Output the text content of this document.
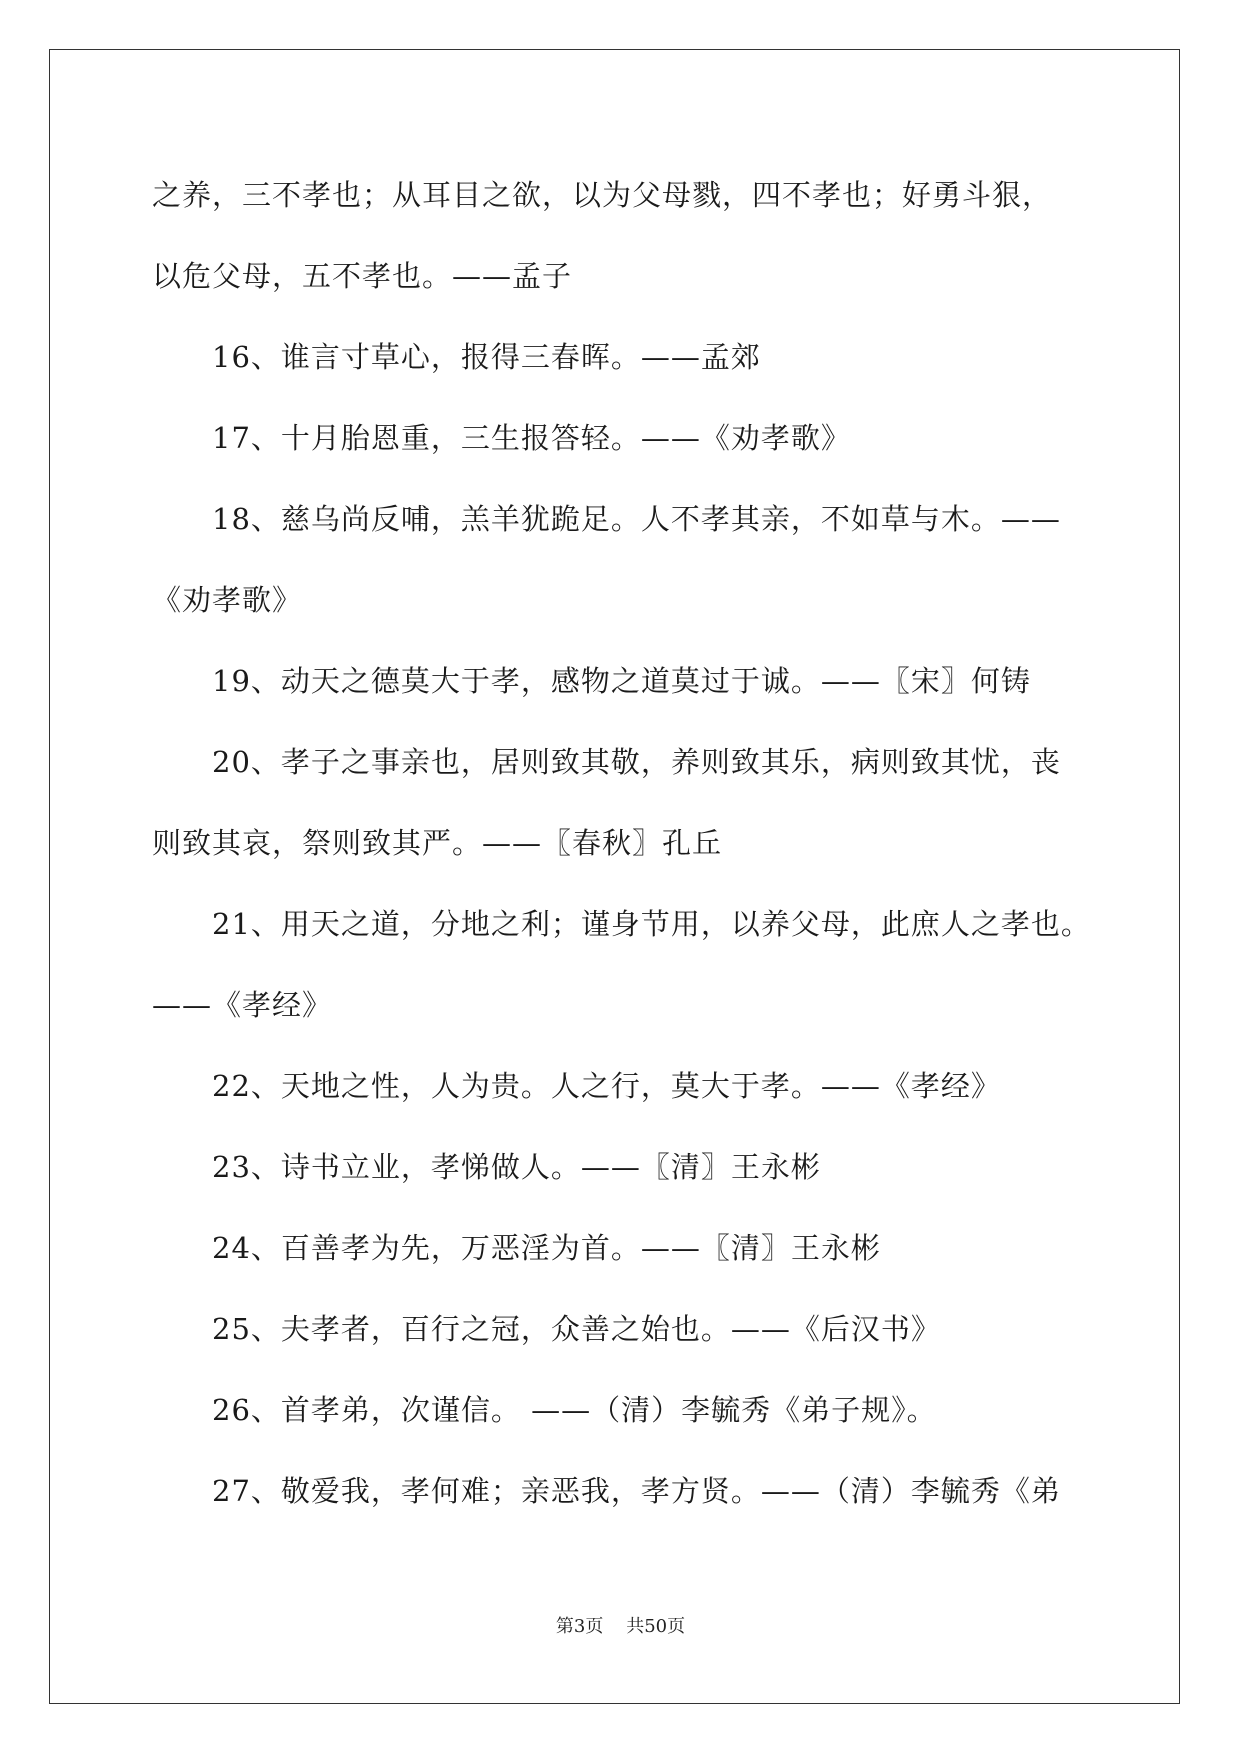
之养，三不孝也；从耳目之欲，以为父母戮，四不孝也；好勇斗狠，
以危父母，五不孝也。——孟子
16、谁言寸草心，报得三春晖。——孟郊
17、十月胎恩重，三生报答轻。——《劝孝歌》
18、慈乌尚反哺，羔羊犹跪足。人不孝其亲，不如草与木。——
《劝孝歌》
19、动天之德莫大于孝，感物之道莫过于诚。——〖宋〗何铸
20、孝子之事亲也，居则致其敬，养则致其乐，病则致其忧，丧
则致其哀，祭则致其严。——〖春秋〗孔丘
21、用天之道，分地之利；谨身节用，以养父母，此庶人之孝也。
——《孝经》
22、天地之性，人为贵。人之行，莫大于孝。——《孝经》
23、诗书立业，孝悌做人。——〖清〗王永彬
24、百善孝为先，万恶淫为首。——〖清〗王永彬
25、夫孝者，百行之冠，众善之始也。——《后汉书》
26、首孝弟，次谨信。 ——（清）李毓秀《弟子规》。
27、敬爱我，孝何难；亲恶我，孝方贤。——（清）李毓秀《弟
第3页    共50页
